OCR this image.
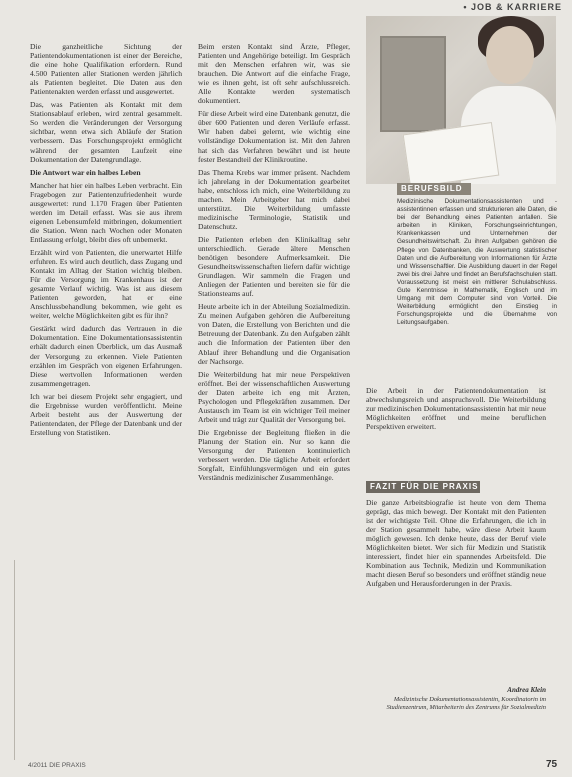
• JOB & KARRIERE

Die ganzheitliche Sichtung der Patientendokumentationen ist einer der Bereiche, die eine hohe Qualifikation erfordern. Rund 4.500 Patienten aller Stationen werden jährlich als Patienten begleitet. Die Daten aus den Patientenakten werden erfasst und ausgewertet.

Das, was Patienten als Kontakt mit dem Stationsablauf erleben, wird zentral gesammelt. So werden die Veränderungen der Versorgung sichtbar, wenn etwa sich Abläufe der Station verbessern. Das Forschungsprojekt ermöglicht während der gesamten Laufzeit eine Dokumentation der Datengrundlage.

Die Antwort war ein halbes Leben

Mancher hat hier ein halbes Leben verbracht. Ein Fragebogen zur Patientenzufriedenheit wurde ausgewertet: rund 1.170 Fragen über Patienten werden im Detail erfasst. Was sie aus ihrem eigenen Lebensumfeld mitbringen, dokumentiert die Station. Wenn nach Wochen oder Monaten Entlassung erfolgt, bleibt dies oft unbemerkt.

Erzählt wird von Patienten, die unerwartet Hilfe erfuhren. Es wird auch deutlich, dass Zugang und Kontakt im Alltag der Station wichtig bleiben. Für die Versorgung im Krankenhaus ist der gesamte Verlauf wichtig. Was ist aus diesem Patienten geworden, hat er eine Anschlussbehandlung bekommen, wie geht es weiter, welche Möglichkeiten gibt es für ihn?

Gestärkt wird dadurch das Vertrauen in die Dokumentation. Eine Dokumentationsassistentin erhält dadurch einen Überblick, um das Ausmaß der Versorgung zu erkennen. Viele Patienten erzählen im Gespräch von eigenen Erfahrungen. Diese wertvollen Informationen werden zusammengetragen.

Ich war bei diesem Projekt sehr engagiert, und die Ergebnisse wurden veröffentlicht. Meine Arbeit besteht aus der Auswertung der Patientendaten, der Pflege der Datenbank und der Erstellung von Statistiken.

Beim ersten Kontakt sind Ärzte, Pfleger, Patienten und Angehörige beteiligt. Im Gespräch mit den Menschen erfahren wir, was sie brauchen. Die Antwort auf die einfache Frage, wie es ihnen geht, ist oft sehr aufschlussreich. Alle Kontakte werden systematisch dokumentiert.

Für diese Arbeit wird eine Datenbank genutzt, die über 600 Patienten und deren Verläufe erfasst. Wir haben dabei gelernt, wie wichtig eine vollständige Dokumentation ist. Mit den Jahren hat sich das Verfahren bewährt und ist heute fester Bestandteil der Klinikroutine.

Das Thema Krebs war immer präsent. Nachdem ich jahrelang in der Dokumentation gearbeitet habe, entschloss ich mich, eine Weiterbildung zu machen. Mein Arbeitgeber hat mich dabei unterstützt. Die Weiterbildung umfasste medizinische Terminologie, Statistik und Datenschutz.

Die Patienten erleben den Klinikalltag sehr unterschiedlich. Gerade ältere Menschen benötigen besondere Aufmerksamkeit. Die Gesundheitswissenschaften liefern dafür wichtige Grundlagen. Wir sammeln die Fragen und Anliegen der Patienten und bereiten sie für die Stationsteams auf.

Heute arbeite ich in der Abteilung Sozialmedizin. Zu meinen Aufgaben gehören die Aufbereitung von Daten, die Erstellung von Berichten und die Betreuung der Datenbank. Zu den Aufgaben zählt auch die Information der Patienten über den Ablauf ihrer Behandlung und die Organisation der Nachsorge.

Die Weiterbildung hat mir neue Perspektiven eröffnet. Bei der wissenschaftlichen Auswertung der Daten arbeite ich eng mit Ärzten, Psychologen und Pflegekräften zusammen. Der Austausch im Team ist ein wichtiger Teil meiner Arbeit und trägt zur Qualität der Versorgung bei.

Die Ergebnisse der Begleitung fließen in die Planung der Station ein. Nur so kann die Versorgung der Patienten kontinuierlich verbessert werden. Die tägliche Arbeit erfordert Sorgfalt, Einfühlungsvermögen und ein gutes Verständnis medizinischer Zusammenhänge.

BERUFSBILD
Medizinische Dokumentationsassistenten und -assistentinnen erfassen und strukturieren alle Daten, die bei der Behandlung eines Patienten anfallen. Sie arbeiten in Kliniken, Forschungseinrichtungen, Krankenkassen und Unternehmen der Gesundheitswirtschaft. Zu ihren Aufgaben gehören die Pflege von Datenbanken, die Auswertung statistischer Daten und die Aufbereitung von Informationen für Ärzte und Wissenschaftler. Die Ausbildung dauert in der Regel zwei bis drei Jahre und findet an Berufsfachschulen statt. Voraussetzung ist meist ein mittlerer Schulabschluss. Gute Kenntnisse in Mathematik, Englisch und im Umgang mit dem Computer sind von Vorteil. Die Weiterbildung ermöglicht den Einstieg in Forschungsprojekte und die Übernahme von Leitungsaufgaben.

Die Arbeit in der Patientendokumentation ist abwechslungsreich und anspruchsvoll. Die Weiterbildung zur medizinischen Dokumentationsassistentin hat mir neue Möglichkeiten eröffnet und meine beruflichen Perspektiven erweitert.

FAZIT FÜR DIE PRAXIS
Die ganze Arbeitsbiografie ist heute von dem Thema geprägt, das mich bewegt. Der Kontakt mit den Patienten ist der wichtigste Teil. Ohne die Erfahrungen, die ich in der Station gesammelt habe, wäre diese Arbeit kaum möglich gewesen. Ich denke heute, dass der Beruf viele Möglichkeiten bietet. Wer sich für Medizin und Statistik interessiert, findet hier ein spannendes Arbeitsfeld. Die Kombination aus Technik, Medizin und Kommunikation macht diesen Beruf so besonders und eröffnet ständig neue Aufgaben und Herausforderungen in der Praxis.
Andrea Klein
Medizinische Dokumentationsassistentin, Koordinatorin im Studienzentrum, Mitarbeiterin des Zentrums für Sozialmedizin
4/2011 DIE PRAXIS	75
